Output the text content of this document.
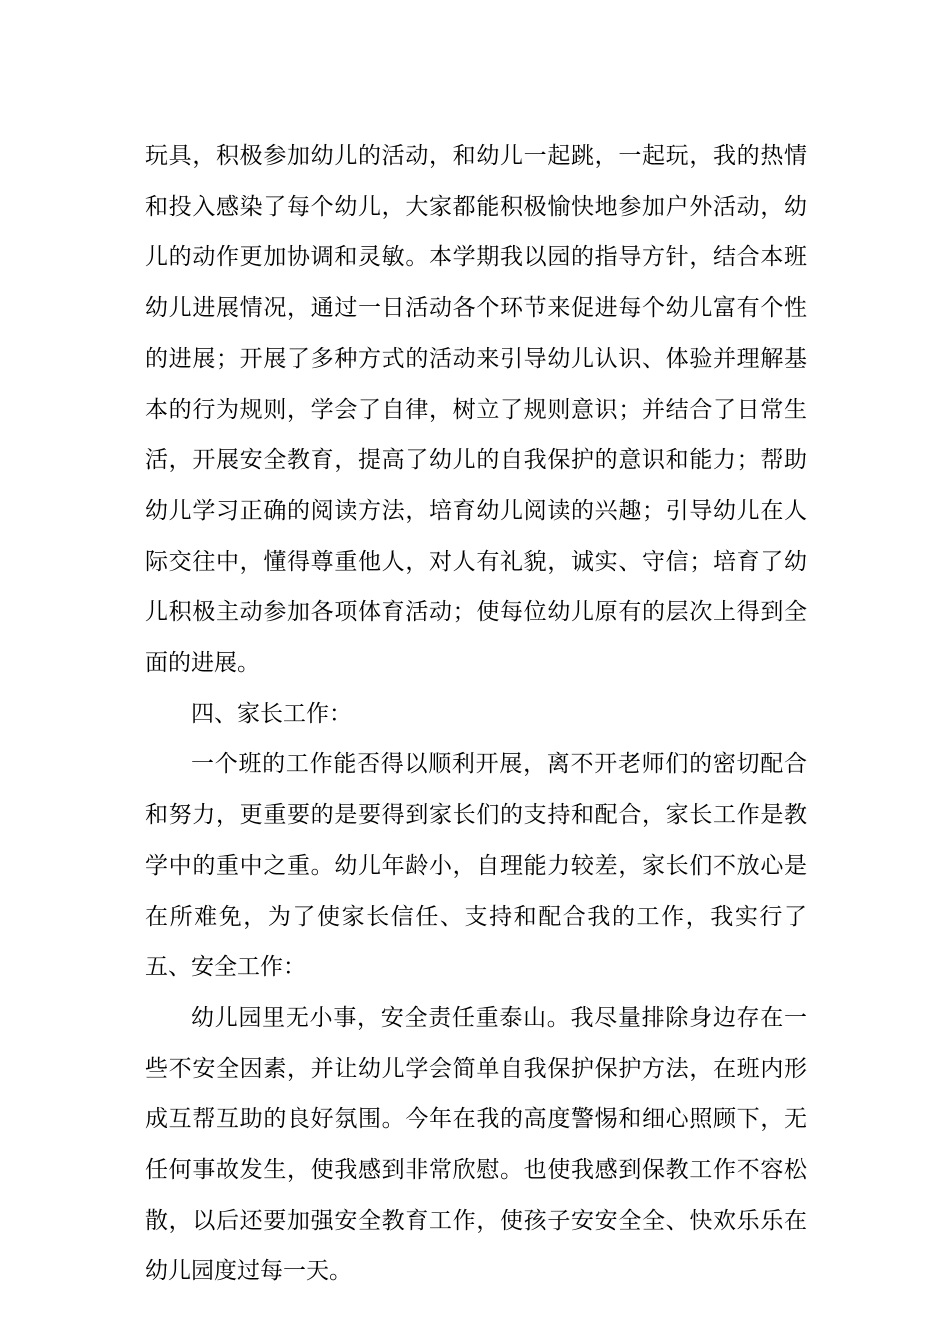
玩具，积极参加幼儿的活动，和幼儿一起跳，一起玩，我的热情和投入感染了每个幼儿，大家都能积极愉快地参加户外活动，幼儿的动作更加协调和灵敏。本学期我以园的指导方针，结合本班幼儿进展情况，通过一日活动各个环节来促进每个幼儿富有个性的进展；开展了多种方式的活动来引导幼儿认识、体验并理解基本的行为规则，学会了自律，树立了规则意识；并结合了日常生活，开展安全教育，提高了幼儿的自我保护的意识和能力；帮助幼儿学习正确的阅读方法，培育幼儿阅读的兴趣；引导幼儿在人际交往中，懂得尊重他人，对人有礼貌，诚实、守信；培育了幼儿积极主动参加各项体育活动；使每位幼儿原有的层次上得到全面的进展。

四、家长工作：

一个班的工作能否得以顺利开展，离不开老师们的密切配合和努力，更重要的是要得到家长们的支持和配合，家长工作是教学中的重中之重。幼儿年龄小，自理能力较差，家长们不放心是在所难免，为了使家长信任、支持和配合我的工作，我实行了五、安全工作：

幼儿园里无小事，安全责任重泰山。我尽量排除身边存在一些不安全因素，并让幼儿学会简单自我保护保护方法，在班内形成互帮互助的良好氛围。今年在我的高度警惕和细心照顾下，无任何事故发生，使我感到非常欣慰。也使我感到保教工作不容松散，以后还要加强安全教育工作，使孩子安安全全、快欢乐乐在幼儿园度过每一天。
